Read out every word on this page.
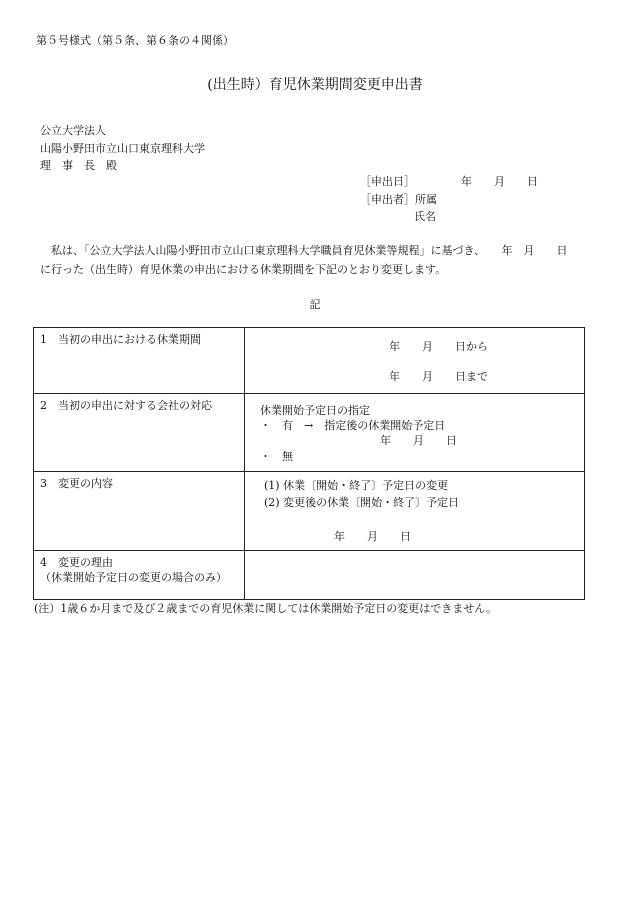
第５号様式（第５条、第６条の４関係）
(出生時）育児休業期間変更申出書
公立大学法人
山陽小野田市立山口東京理科大学
理　事　長　殿
［申出日］	年　　月　　日
［申出者］所属
氏名
　私は、｢公立大学法人山陽小野田市立山口東京理科大学職員育児休業等規程」に基づき、　　年　月　　日
に行った（出生時）育児休業の申出における休業期間を下記のとおり変更します。
記
1　当初の申出における休業期間	年　　月　　日から
年　　月　　日まで

2　当初の申出に対する会社の対応	休業開始予定日の指定
・　有　→　指定後の休業開始予定日
年　　月　　日
・　無

3　変更の内容	(1) 休業〔開始・終了〕予定日の変更
(2) 変更後の休業〔開始・終了〕予定日
年　　月　　日

4　変更の理由
（休業開始予定日の変更の場合のみ）	

(注）1歳６か月まで及び２歳までの育児休業に関しては休業開始予定日の変更はできません。
